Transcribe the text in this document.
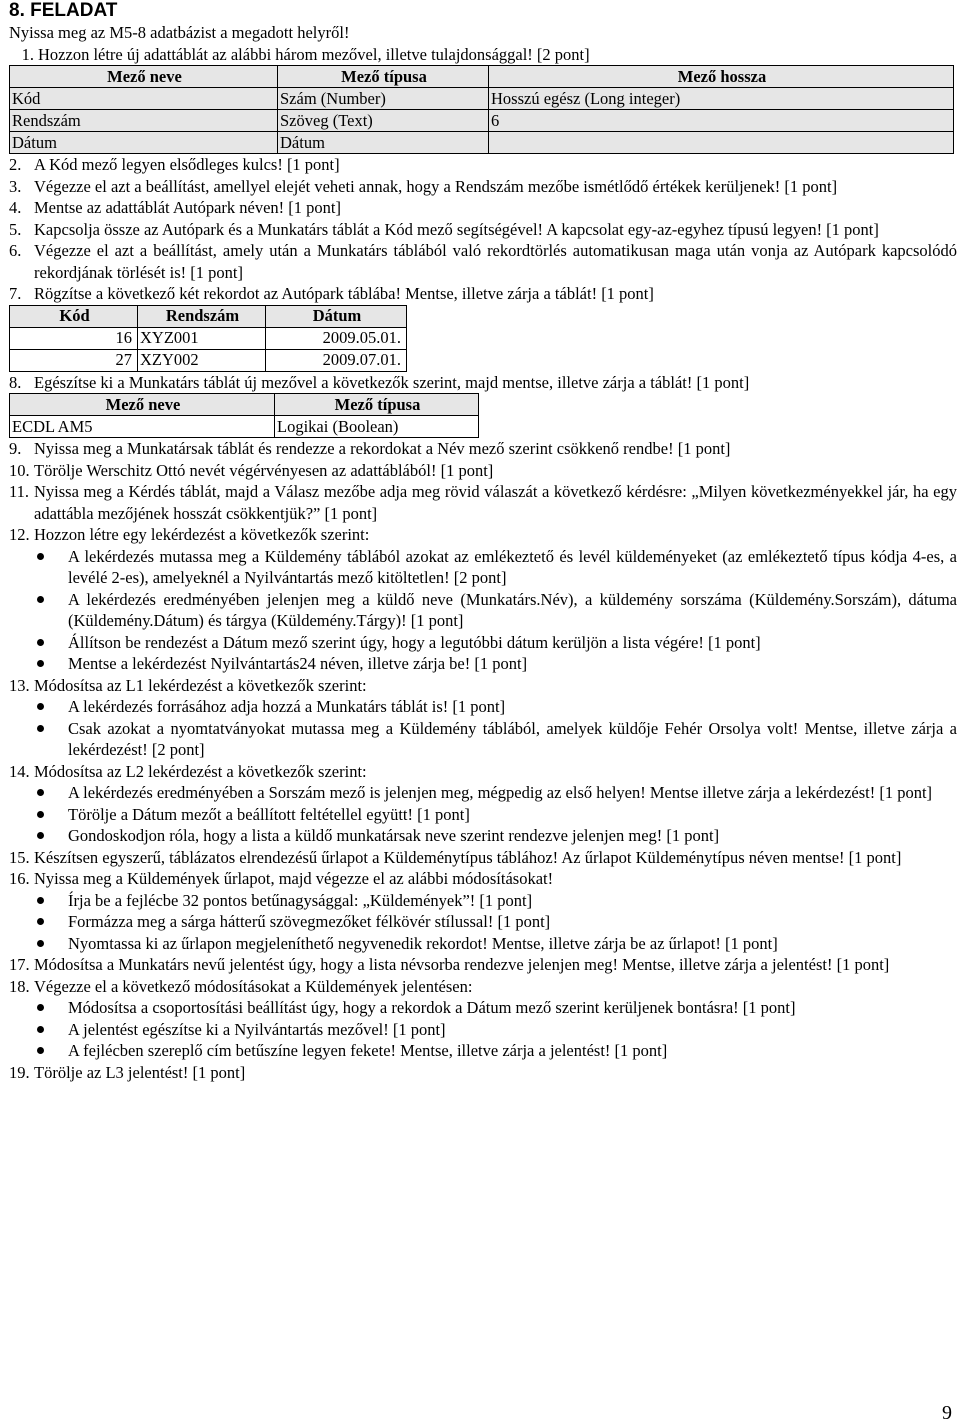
8. FELADAT

Nyissa meg az M5-8 adatbázist a megadott helyről!

1. Hozzon létre új adattáblát az alábbi három mezővel, illetve tulajdonsággal! [2 pont]
Mező neve	Mező típusa	Mező hossza
Kód	Szám (Number)	Hosszú egész (Long integer)
Rendszám	Szöveg (Text)	6
Dátum	Dátum	
2. A Kód mező legyen elsődleges kulcs! [1 pont]
3. Végezze el azt a beállítást, amellyel elejét veheti annak, hogy a Rendszám mezőbe ismétlődő értékek kerüljenek! [1 pont]
4. Mentse az adattáblát Autópark néven! [1 pont]
5. Kapcsolja össze az Autópark és a Munkatárs táblát a Kód mező segítségével! A kapcsolat egy-az-egyhez típusú legyen! [1 pont]
6. Végezze el azt a beállítást, amely után a Munkatárs táblából való rekordtörlés automatikusan maga után vonja az Autópark kapcsolódó rekordjának törlését is! [1 pont]
7. Rögzítse a következő két rekordot az Autópark táblába! Mentse, illetve zárja a táblát! [1 pont]
Kód	Rendszám	Dátum
16	XYZ001	2009.05.01.
27	XZY002	2009.07.01.
8. Egészítse ki a Munkatárs táblát új mezővel a következők szerint, majd mentse, illetve zárja a táblát! [1 pont]
Mező neve	Mező típusa
ECDL AM5	Logikai (Boolean)
9. Nyissa meg a Munkatársak táblát és rendezze a rekordokat a Név mező szerint csökkenő rendbe! [1 pont]
10. Törölje Werschitz Ottó nevét végérvényesen az adattáblából! [1 pont]
11. Nyissa meg a Kérdés táblát, majd a Válasz mezőbe adja meg rövid válaszát a következő kérdésre: „Milyen következményekkel jár, ha egy adattábla mezőjének hosszát csökkentjük?” [1 pont]
12. Hozzon létre egy lekérdezést a következők szerint:
A lekérdezés mutassa meg a Küldemény táblából azokat az emlékeztető és levél küldeményeket (az emlékeztető típus kódja 4-es, a levélé 2-es), amelyeknél a Nyilvántartás mező kitöltetlen! [2 pont]
A lekérdezés eredményében jelenjen meg a küldő neve (Munkatárs.Név), a küldemény sorszáma (Küldemény.Sorszám), dátuma (Küldemény.Dátum) és tárgya (Küldemény.Tárgy)! [1 pont]
Állítson be rendezést a Dátum mező szerint úgy, hogy a legutóbbi dátum kerüljön a lista végére! [1 pont]
Mentse a lekérdezést Nyilvántartás24 néven, illetve zárja be! [1 pont]
13. Módosítsa az L1 lekérdezést a következők szerint:
A lekérdezés forrásához adja hozzá a Munkatárs táblát is! [1 pont]
Csak azokat a nyomtatványokat mutassa meg a Küldemény táblából, amelyek küldője Fehér Orsolya volt! Mentse, illetve zárja a lekérdezést! [2 pont]
14. Módosítsa az L2 lekérdezést a következők szerint:
A lekérdezés eredményében a Sorszám mező is jelenjen meg, mégpedig az első helyen! Mentse illetve zárja a lekérdezést! [1 pont]
Törölje a Dátum mezőt a beállított feltétellel együtt! [1 pont]
Gondoskodjon róla, hogy a lista a küldő munkatársak neve szerint rendezve jelenjen meg! [1 pont]
15. Készítsen egyszerű, táblázatos elrendezésű űrlapot a Küldeménytípus táblához! Az űrlapot Küldeménytípus néven mentse! [1 pont]
16. Nyissa meg a Küldemények űrlapot, majd végezze el az alábbi módosításokat!
Írja be a fejlécbe 32 pontos betűnagysággal: „Küldemények”! [1 pont]
Formázza meg a sárga hátterű szövegmezőket félkövér stílussal! [1 pont]
Nyomtassa ki az űrlapon megjeleníthető negyvenedik rekordot! Mentse, illetve zárja be az űrlapot! [1 pont]
17. Módosítsa a Munkatárs nevű jelentést úgy, hogy a lista névsorba rendezve jelenjen meg! Mentse, illetve zárja a jelentést! [1 pont]
18. Végezze el a következő módosításokat a Küldemények jelentésen:
Módosítsa a csoportosítási beállítást úgy, hogy a rekordok a Dátum mező szerint kerüljenek bontásra! [1 pont]
A jelentést egészítse ki a Nyilvántartás mezővel! [1 pont]
A fejlécben szereplő cím betűszíne legyen fekete! Mentse, illetve zárja a jelentést! [1 pont]
19. Törölje az L3 jelentést! [1 pont]
9
